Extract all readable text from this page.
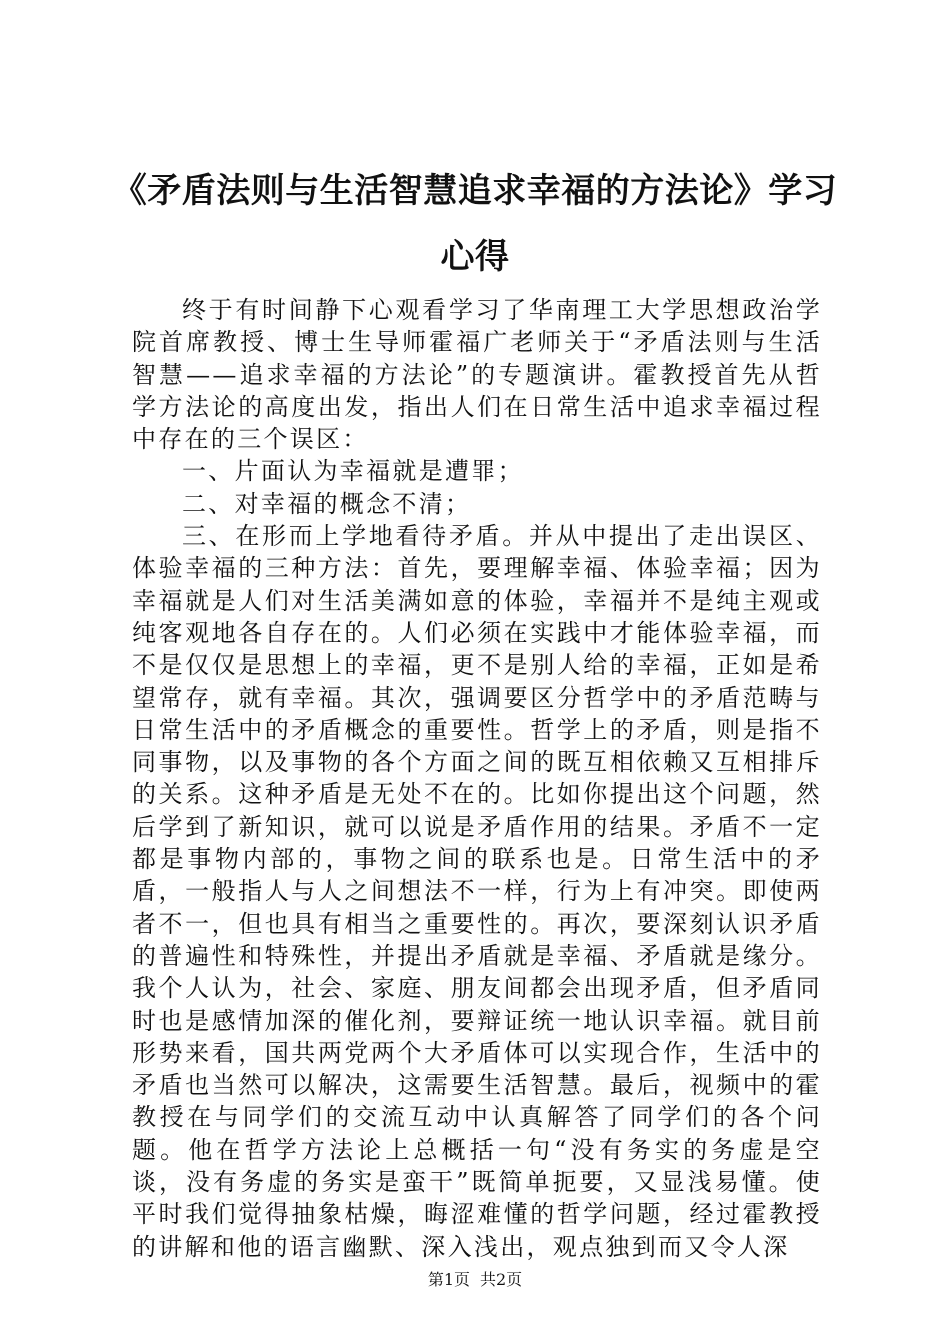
《矛盾法则与生活智慧追求幸福的方法论》学习心得

终于有时间静下心观看学习了华南理工大学思想政治学院首席教授、博士生导师霍福广老师关于“矛盾法则与生活智慧——追求幸福的方法论”的专题演讲。霍教授首先从哲学方法论的高度出发，指出人们在日常生活中追求幸福过程中存在的三个误区：

一、片面认为幸福就是遭罪；

二、对幸福的概念不清；

三、在形而上学地看待矛盾。并从中提出了走出误区、体验幸福的三种方法：首先，要理解幸福、体验幸福；因为幸福就是人们对生活美满如意的体验，幸福并不是纯主观或纯客观地各自存在的。人们必须在实践中才能体验幸福，而不是仅仅是思想上的幸福，更不是别人给的幸福，正如是希望常存，就有幸福。其次，强调要区分哲学中的矛盾范畴与日常生活中的矛盾概念的重要性。哲学上的矛盾，则是指不同事物，以及事物的各个方面之间的既互相依赖又互相排斥的关系。这种矛盾是无处不在的。比如你提出这个问题，然后学到了新知识，就可以说是矛盾作用的结果。矛盾不一定都是事物内部的，事物之间的联系也是。日常生活中的矛盾，一般指人与人之间想法不一样，行为上有冲突。即使两者不一，但也具有相当之重要性的。再次，要深刻认识矛盾的普遍性和特殊性，并提出矛盾就是幸福、矛盾就是缘分。我个人认为，社会、家庭、朋友间都会出现矛盾，但矛盾同时也是感情加深的催化剂，要辩证统一地认识幸福。就目前形势来看，国共两党两个大矛盾体可以实现合作，生活中的矛盾也当然可以解决，这需要生活智慧。最后，视频中的霍教授在与同学们的交流互动中认真解答了同学们的各个问题。他在哲学方法论上总概括一句“没有务实的务虚是空谈，没有务虚的务实是蛮干”既简单扼要，又显浅易懂。使平时我们觉得抽象枯燥，晦涩难懂的哲学问题，经过霍教授的讲解和他的语言幽默、深入浅出，观点独到而又令人深

第1页 共2页
